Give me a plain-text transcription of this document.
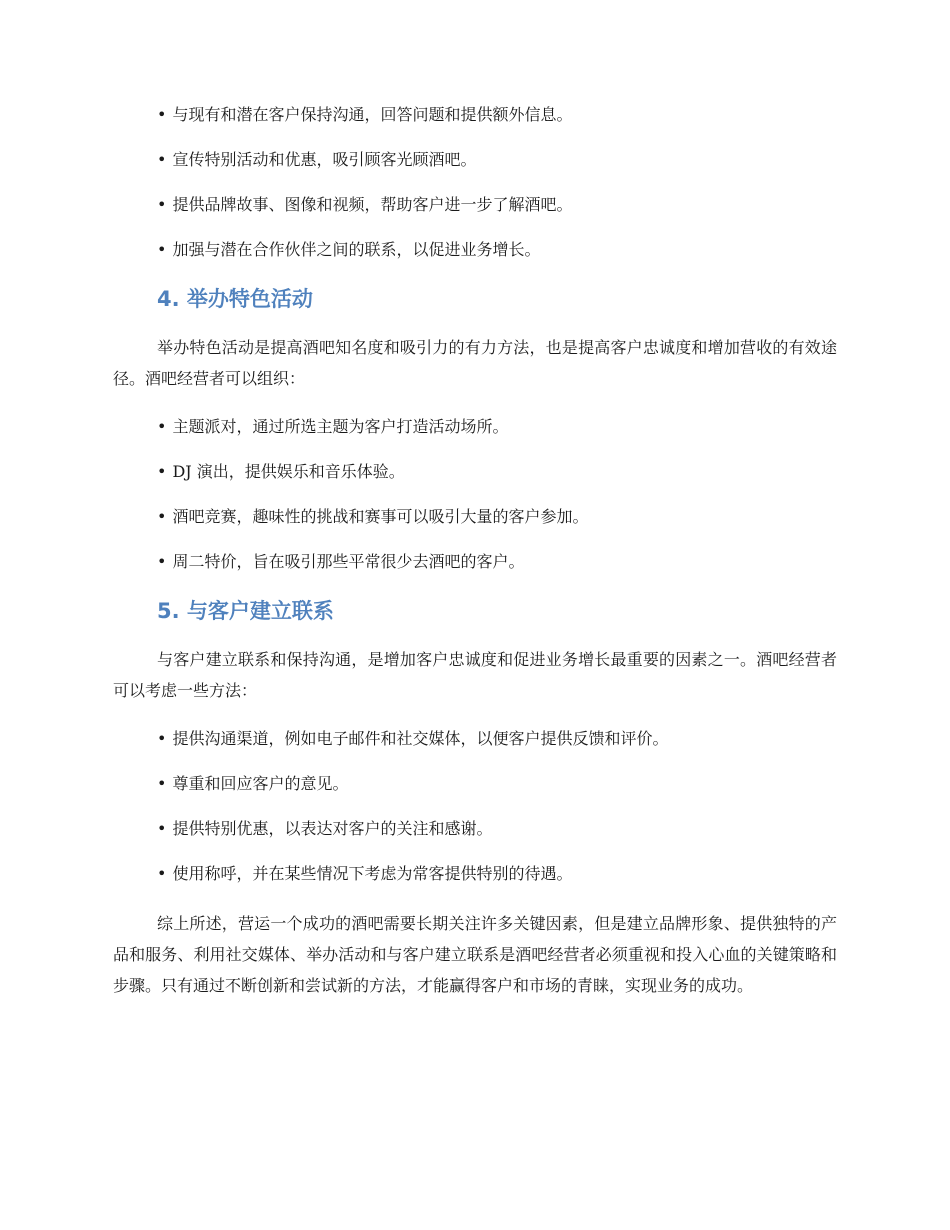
• 与现有和潜在客户保持沟通，回答问题和提供额外信息。
• 宣传特别活动和优惠，吸引顾客光顾酒吧。
• 提供品牌故事、图像和视频，帮助客户进一步了解酒吧。
• 加强与潜在合作伙伴之间的联系，以促进业务增长。
4. 举办特色活动
举办特色活动是提高酒吧知名度和吸引力的有力方法，也是提高客户忠诚度和增加营收的有效途径。酒吧经营者可以组织：
• 主题派对，通过所选主题为客户打造活动场所。
• DJ 演出，提供娱乐和音乐体验。
• 酒吧竞赛，趣味性的挑战和赛事可以吸引大量的客户参加。
• 周二特价，旨在吸引那些平常很少去酒吧的客户。
5. 与客户建立联系
与客户建立联系和保持沟通，是增加客户忠诚度和促进业务增长最重要的因素之一。酒吧经营者可以考虑一些方法：
• 提供沟通渠道，例如电子邮件和社交媒体，以便客户提供反馈和评价。
• 尊重和回应客户的意见。
• 提供特别优惠，以表达对客户的关注和感谢。
• 使用称呼，并在某些情况下考虑为常客提供特别的待遇。
综上所述，营运一个成功的酒吧需要长期关注许多关键因素，但是建立品牌形象、提供独特的产品和服务、利用社交媒体、举办活动和与客户建立联系是酒吧经营者必须重视和投入心血的关键策略和步骤。只有通过不断创新和尝试新的方法，才能赢得客户和市场的青睐，实现业务的成功。
